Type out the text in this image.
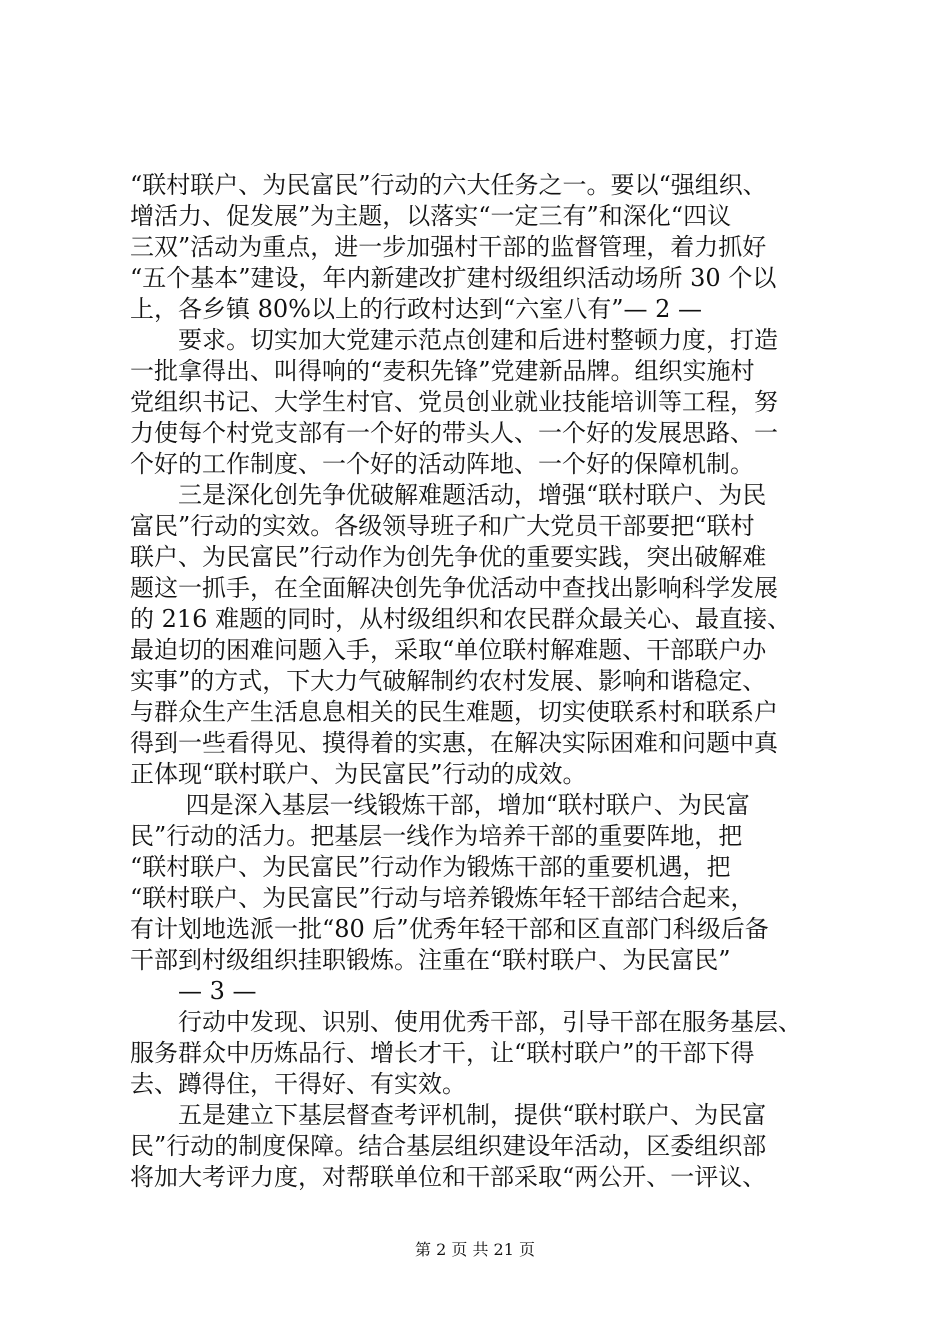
“联村联户、为民富民”行动的六大任务之一。要以“强组织、
增活力、促发展”为主题，以落实“一定三有”和深化“四议
三双”活动为重点，进一步加强村干部的监督管理，着力抓好
“五个基本”建设，年内新建改扩建村级组织活动场所 30 个以
上，各乡镇 80%以上的行政村达到“六室八有”— 2 —
　　要求。切实加大党建示范点创建和后进村整顿力度，打造
一批拿得出、叫得响的“麦积先锋”党建新品牌。组织实施村
党组织书记、大学生村官、党员创业就业技能培训等工程，努
力使每个村党支部有一个好的带头人、一个好的发展思路、一
个好的工作制度、一个好的活动阵地、一个好的保障机制。
　　三是深化创先争优破解难题活动，增强“联村联户、为民
富民”行动的实效。各级领导班子和广大党员干部要把“联村
联户、为民富民”行动作为创先争优的重要实践，突出破解难
题这一抓手，在全面解决创先争优活动中查找出影响科学发展
的 216 难题的同时，从村级组织和农民群众最关心、最直接、
最迫切的困难问题入手，采取“单位联村解难题、干部联户办
实事”的方式，下大力气破解制约农村发展、影响和谐稳定、
与群众生产生活息息相关的民生难题，切实使联系村和联系户
得到一些看得见、摸得着的实惠，在解决实际困难和问题中真
正体现“联村联户、为民富民”行动的成效。
　　 四是深入基层一线锻炼干部，增加“联村联户、为民富
民”行动的活力。把基层一线作为培养干部的重要阵地，把
“联村联户、为民富民”行动作为锻炼干部的重要机遇，把
“联村联户、为民富民”行动与培养锻炼年轻干部结合起来，
有计划地选派一批“80 后”优秀年轻干部和区直部门科级后备
干部到村级组织挂职锻炼。注重在“联村联户、为民富民”
　　— 3 —
　　行动中发现、识别、使用优秀干部，引导干部在服务基层、
服务群众中历炼品行、增长才干，让“联村联户”的干部下得
去、蹲得住，干得好、有实效。
　　五是建立下基层督查考评机制，提供“联村联户、为民富
民”行动的制度保障。结合基层组织建设年活动，区委组织部
将加大考评力度，对帮联单位和干部采取“两公开、一评议、
第 2 页 共 21 页
